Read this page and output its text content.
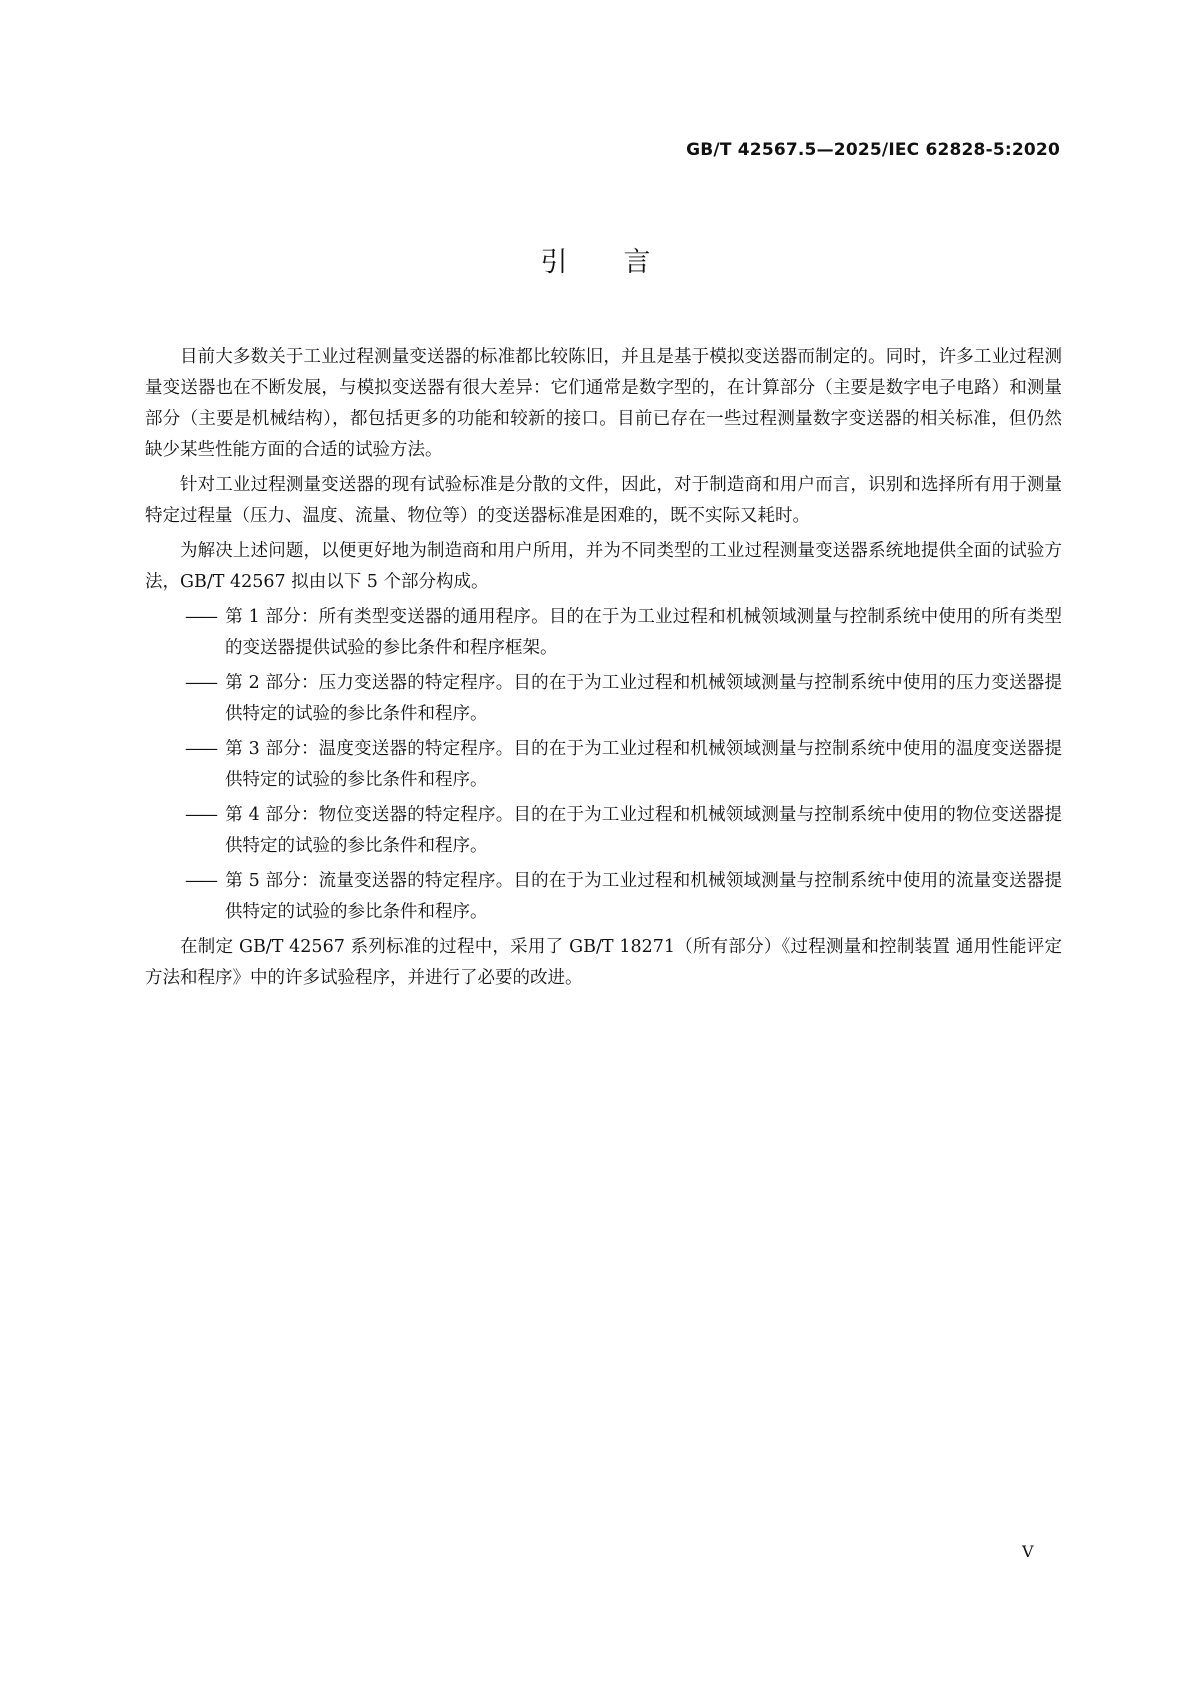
GB/T 42567.5—2025/IEC 62828-5:2020
引言

目前大多数关于工业过程测量变送器的标准都比较陈旧，并且是基于模拟变送器而制定的。同时，许多工业过程测量变送器也在不断发展，与模拟变送器有很大差异：它们通常是数字型的，在计算部分（主要是数字电子电路）和测量部分（主要是机械结构），都包括更多的功能和较新的接口。目前已存在一些过程测量数字变送器的相关标准，但仍然缺少某些性能方面的合适的试验方法。

针对工业过程测量变送器的现有试验标准是分散的文件，因此，对于制造商和用户而言，识别和选择所有用于测量特定过程量（压力、温度、流量、物位等）的变送器标准是困难的，既不实际又耗时。

为解决上述问题，以便更好地为制造商和用户所用，并为不同类型的工业过程测量变送器系统地提供全面的试验方法，GB/T 42567 拟由以下 5 个部分构成。

—— 第 1 部分：所有类型变送器的通用程序。目的在于为工业过程和机械领域测量与控制系统中使用的所有类型的变送器提供试验的参比条件和程序框架。

—— 第 2 部分：压力变送器的特定程序。目的在于为工业过程和机械领域测量与控制系统中使用的压力变送器提供特定的试验的参比条件和程序。

—— 第 3 部分：温度变送器的特定程序。目的在于为工业过程和机械领域测量与控制系统中使用的温度变送器提供特定的试验的参比条件和程序。

—— 第 4 部分：物位变送器的特定程序。目的在于为工业过程和机械领域测量与控制系统中使用的物位变送器提供特定的试验的参比条件和程序。

—— 第 5 部分：流量变送器的特定程序。目的在于为工业过程和机械领域测量与控制系统中使用的流量变送器提供特定的试验的参比条件和程序。

在制定 GB/T 42567 系列标准的过程中，采用了 GB/T 18271（所有部分）《过程测量和控制装置 通用性能评定方法和程序》中的许多试验程序，并进行了必要的改进。

V
